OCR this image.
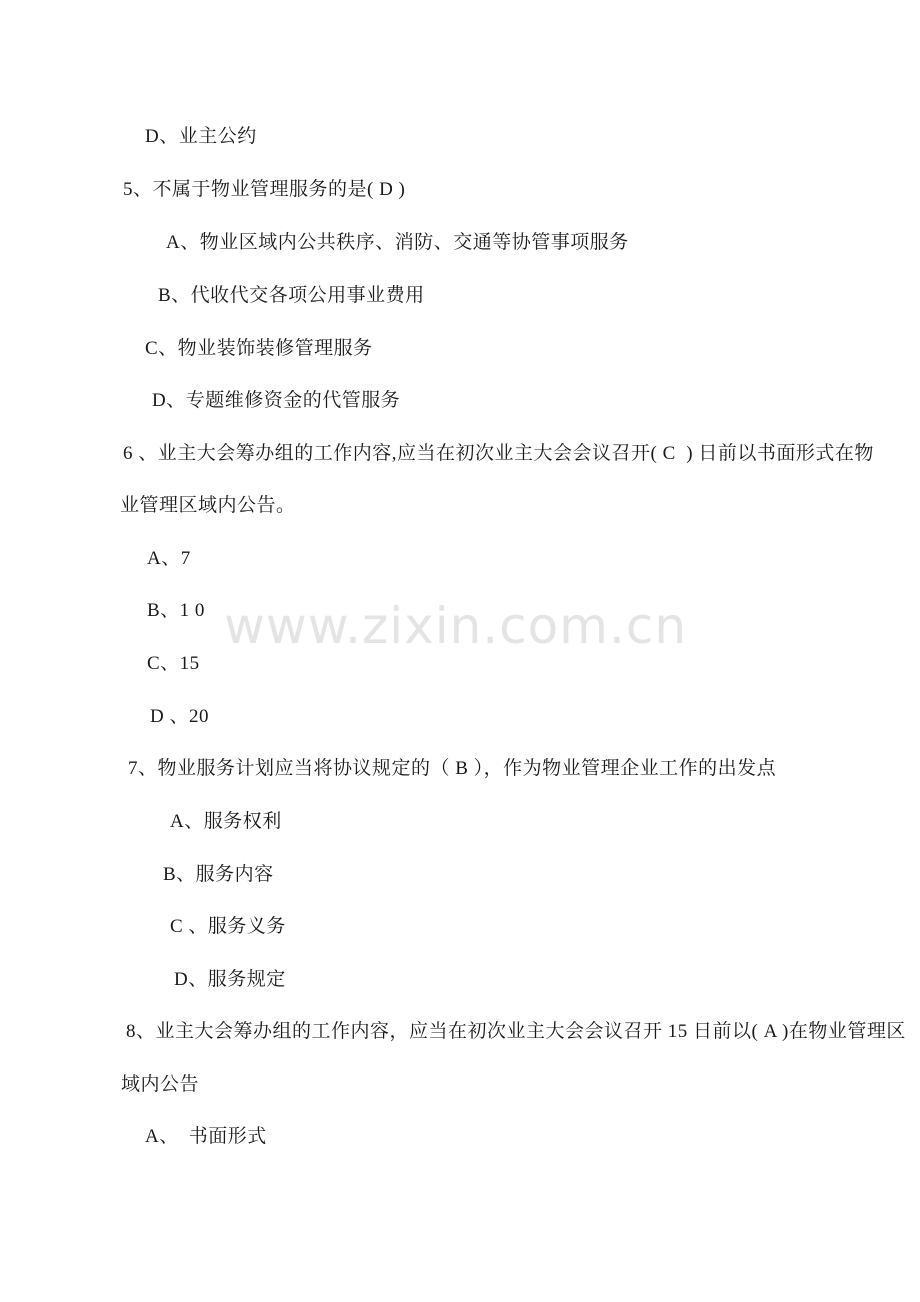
www.zixin.com.cn
D、业主公约
5、不属于物业管理服务的是( D )
A、物业区域内公共秩序、消防、交通等协管事项服务
B、代收代交各项公用事业费用
C、物业装饰装修管理服务
D、专题维修资金的代管服务
6 、业主大会筹办组的工作内容,应当在初次业主大会会议召开( C  ) 日前以书面形式在物
业管理区域内公告。
A、7
B、1 0
C、15
D 、20
7、物业服务计划应当将协议规定的（ B ），作为物业管理企业工作的出发点
A、服务权利
B、服务内容
C 、服务义务
D、服务规定
8、业主大会筹办组的工作内容，应当在初次业主大会会议召开 15 日前以( A )在物业管理区
域内公告
A、　书面形式
